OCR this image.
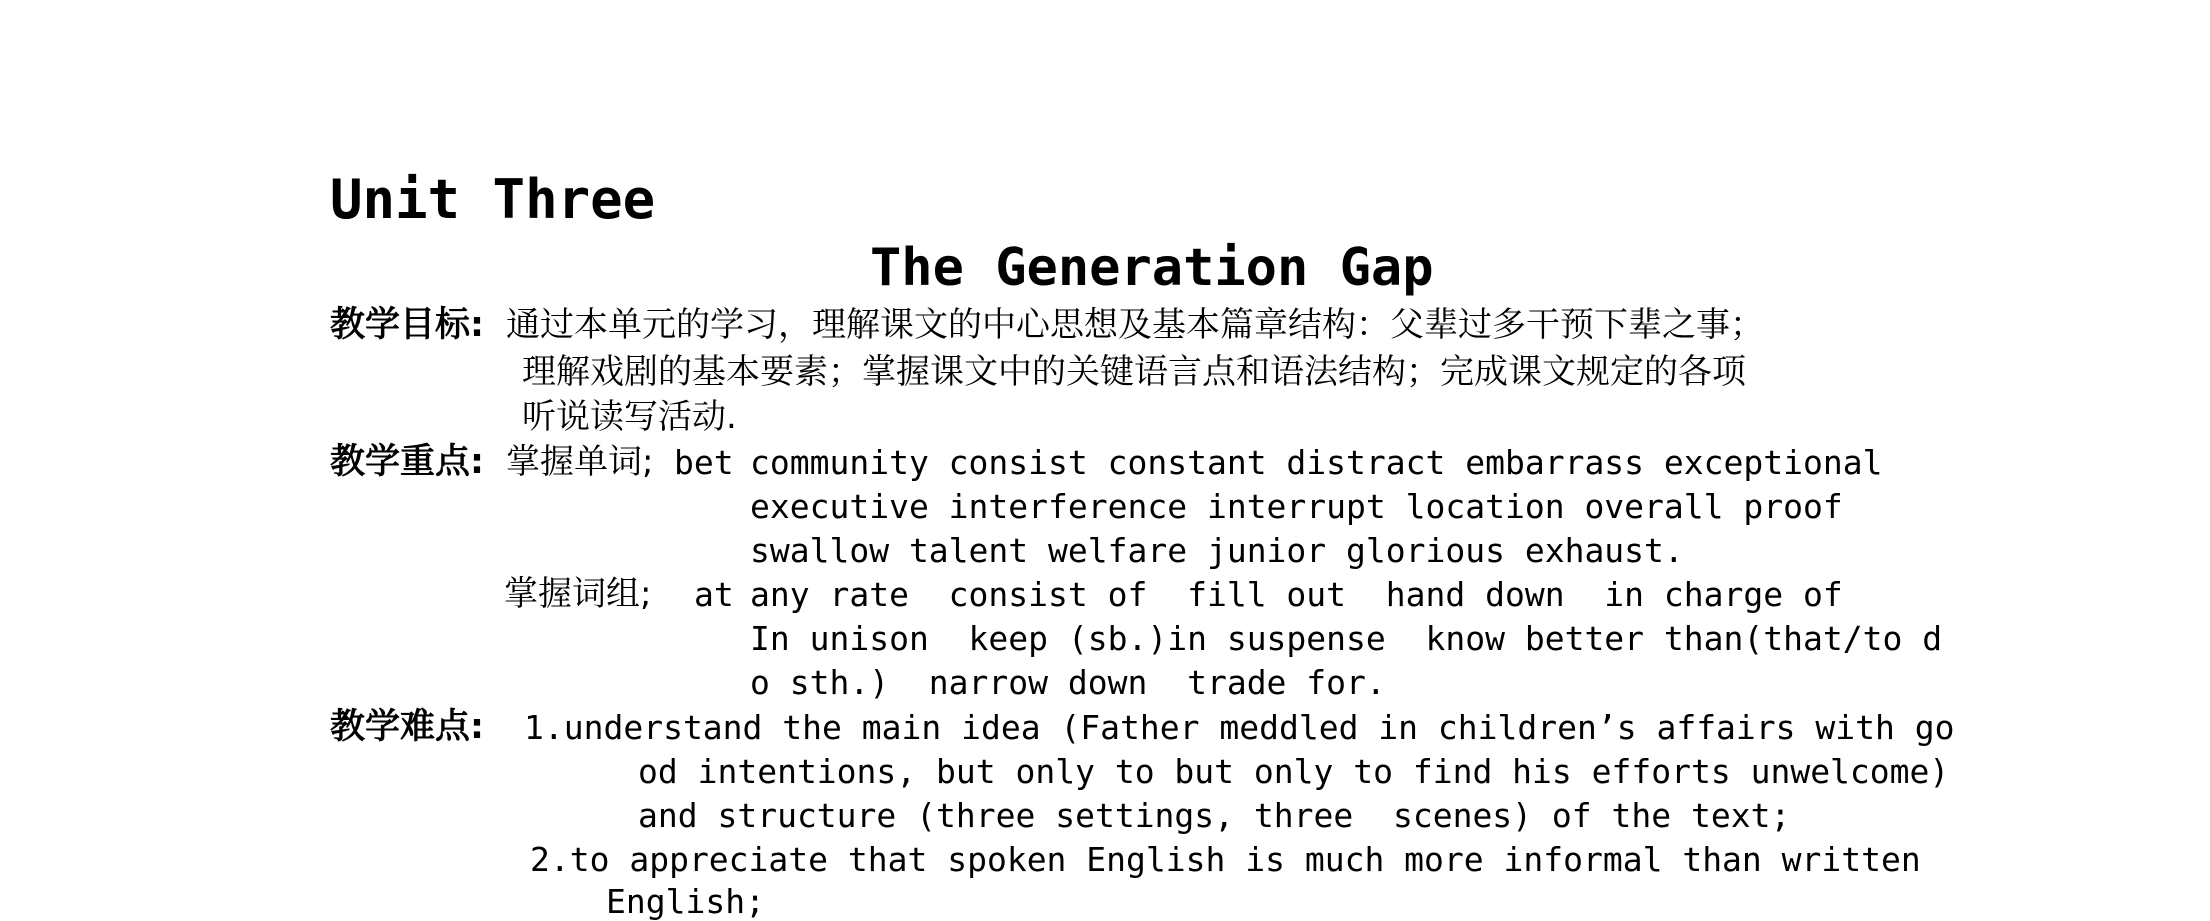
Unit Three
The Generation Gap
教学目标: 通过本单元的学习，理解课文的中心思想及基本篇章结构：父辈过多干预下辈之事；
理解戏剧的基本要素；掌握课文中的关键语言点和语法结构；完成课文规定的各项
听说读写活动.
教学重点: 掌握单词; bet community consist constant distract embarrass exceptional
executive interference interrupt location overall proof
swallow talent welfare junior glorious exhaust.
掌握词组; at any rate  consist of  fill out  hand down  in charge of
In unison  keep (sb.)in suspense  know better than(that/to d
o sth.)  narrow down  trade for.
教学难点: 1.understand the main idea (Father meddled in children’s affairs with go
od intentions, but only to but only to find his efforts unwelcome)
and structure (three settings, three  scenes) of the text;
2.to appreciate that spoken English is much more informal than written
English;
